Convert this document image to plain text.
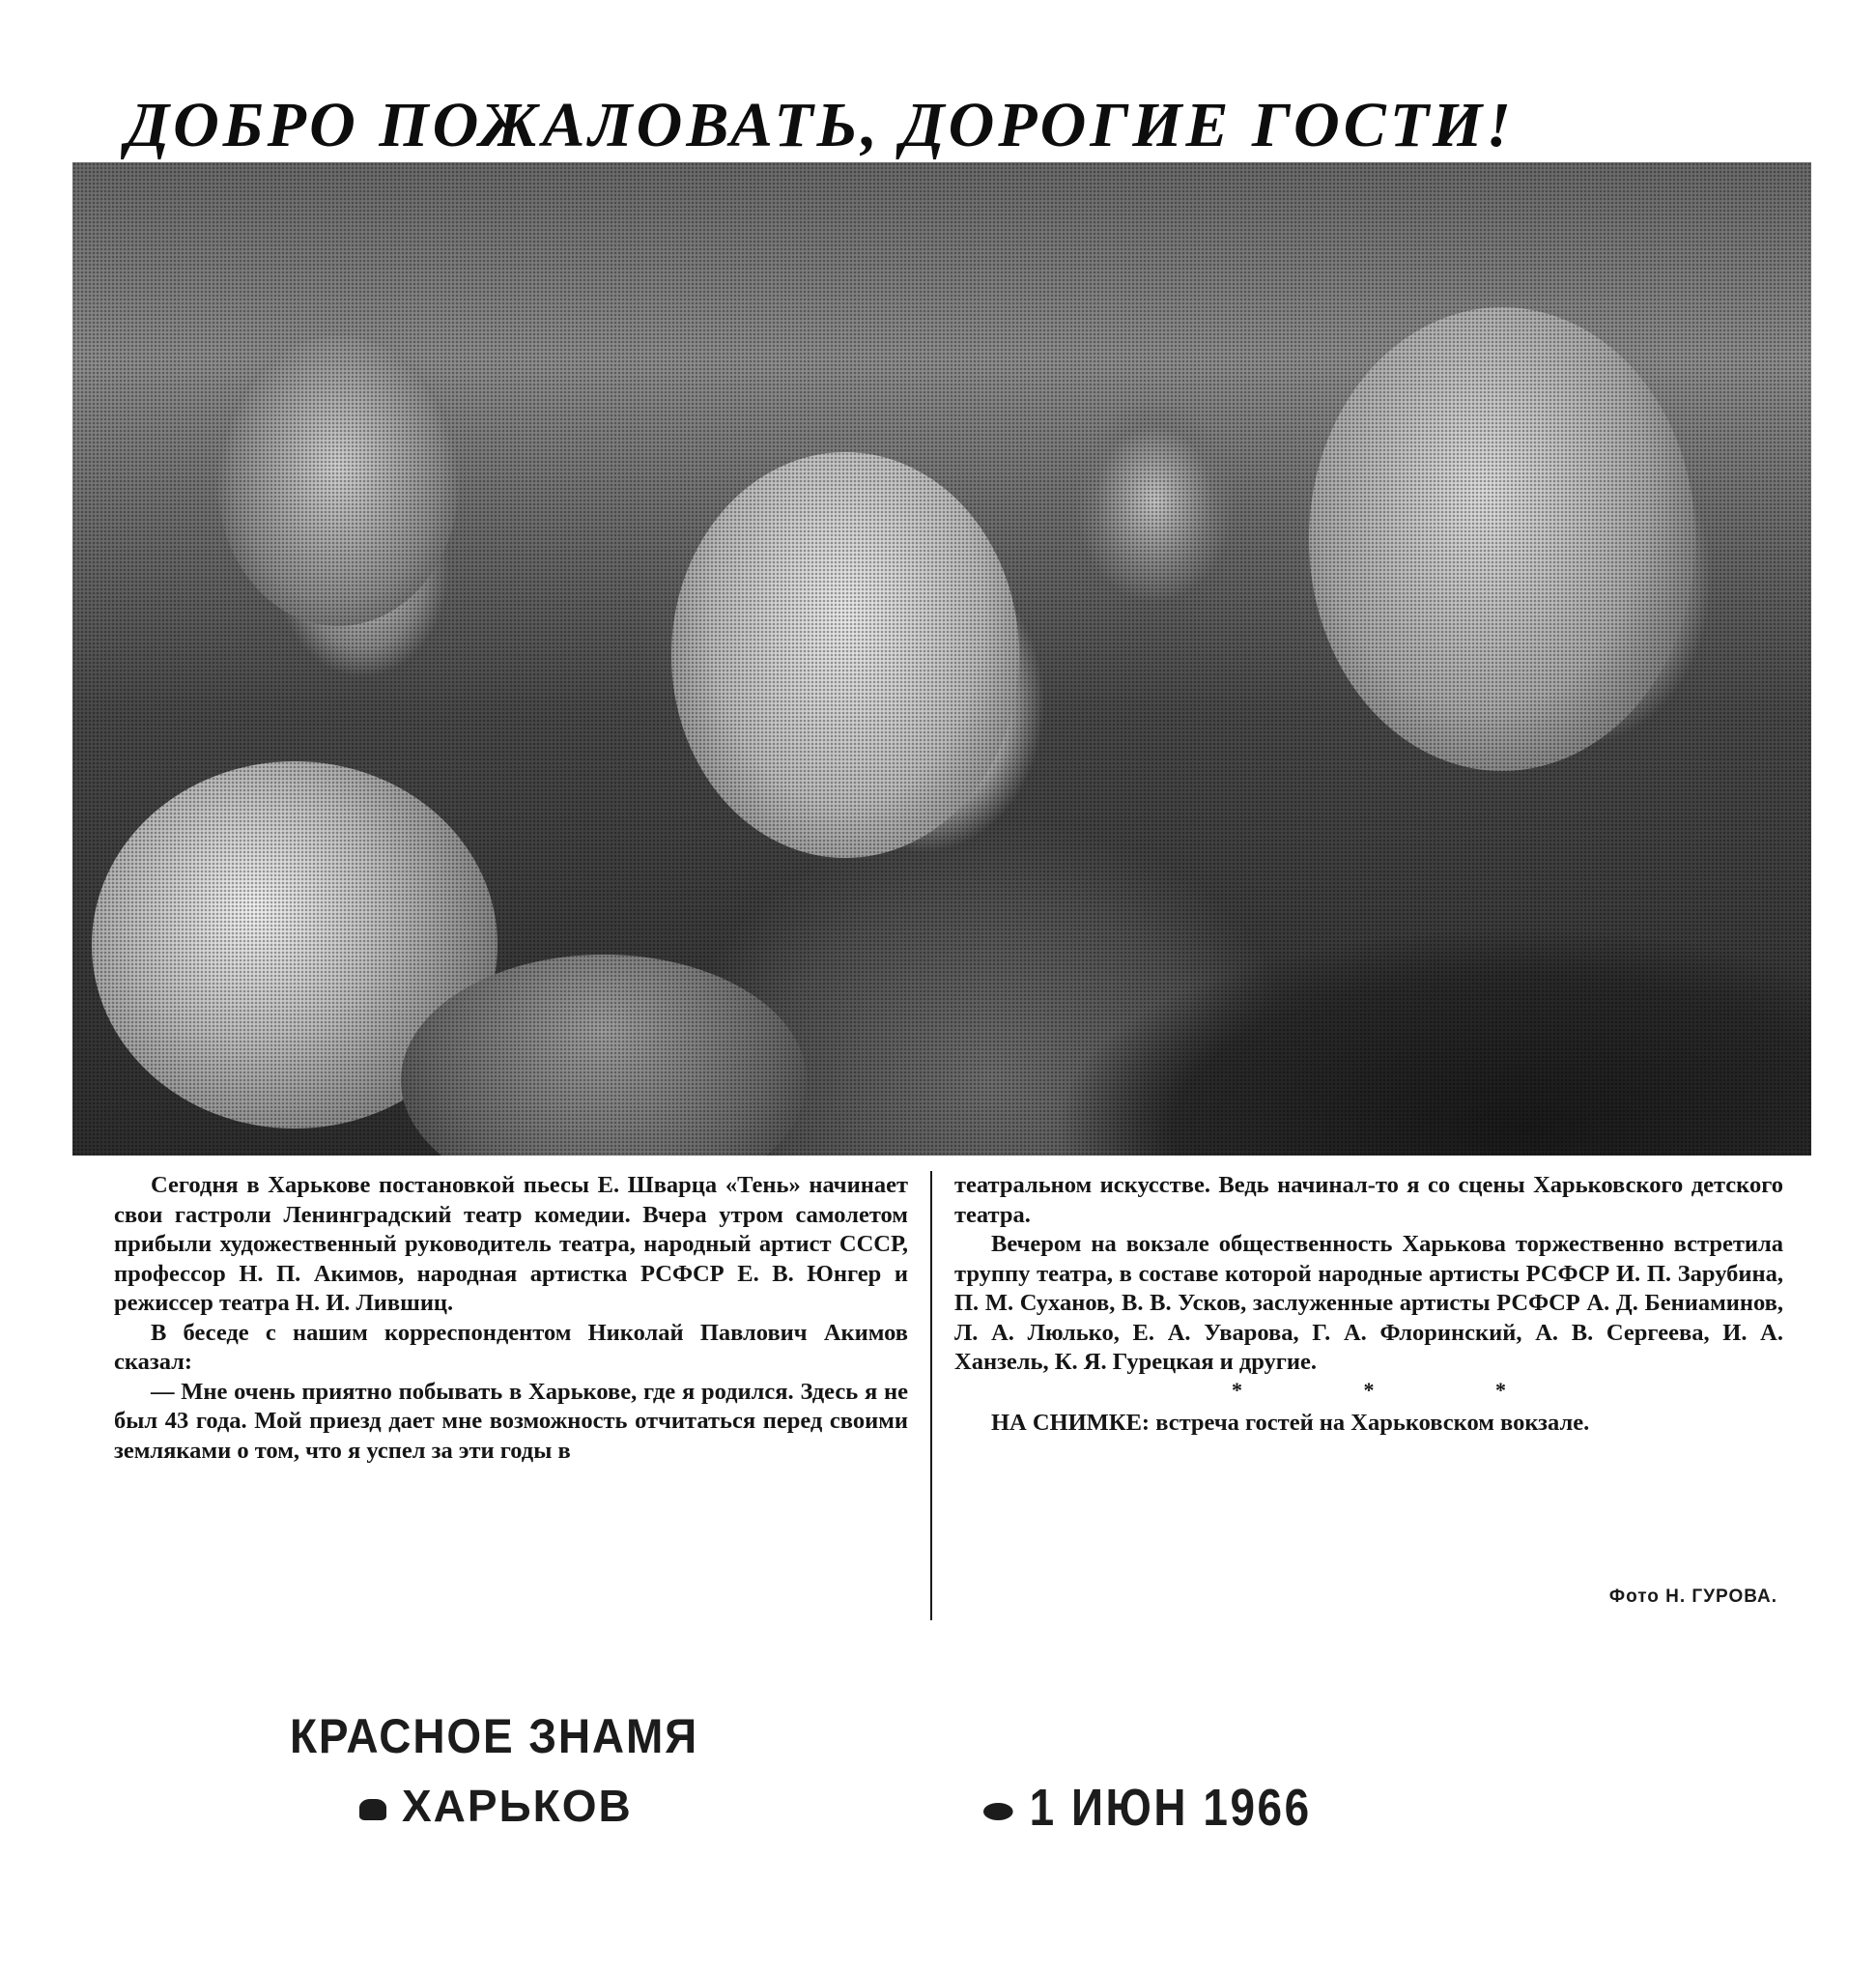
ДОБРО ПОЖАЛОВАТЬ, ДОРОГИЕ ГОСТИ!

Сегодня в Харькове постановкой пьесы Е. Шварца «Тень» начинает свои гастроли Ленинградский театр комедии. Вчера утром самолетом прибыли художественный руководитель театра, народный артист СССР, профессор Н. П. Акимов, народная артистка РСФСР Е. В. Юнгер и режиссер театра Н. И. Лившиц.

В беседе с нашим корреспондентом Николай Павлович Акимов сказал:

— Мне очень приятно побывать в Харькове, где я родился. Здесь я не был 43 года. Мой приезд дает мне возможность отчитаться перед своими земляками о том, что я успел за эти годы в

театральном искусстве. Ведь начинал-то я со сцены Харьковского детского театра.

Вечером на вокзале общественность Харькова торжественно встретила труппу театра, в составе которой народные артисты РСФСР И. П. Зарубина, П. М. Суханов, В. В. Усков, заслуженные артисты РСФСР А. Д. Бениаминов, Л. А. Люлько, Е. А. Уварова, Г. А. Флоринский, А. В. Сергеева, И. А. Ханзель, К. Я. Гурецкая и другие.

* * *

НА СНИМКЕ: встреча гостей на Харьковском вокзале.

Фото Н. ГУРОВА.
КРАСНОЕ ЗНАМЯ
ХАРЬКОВ	1 ИЮН 1966
